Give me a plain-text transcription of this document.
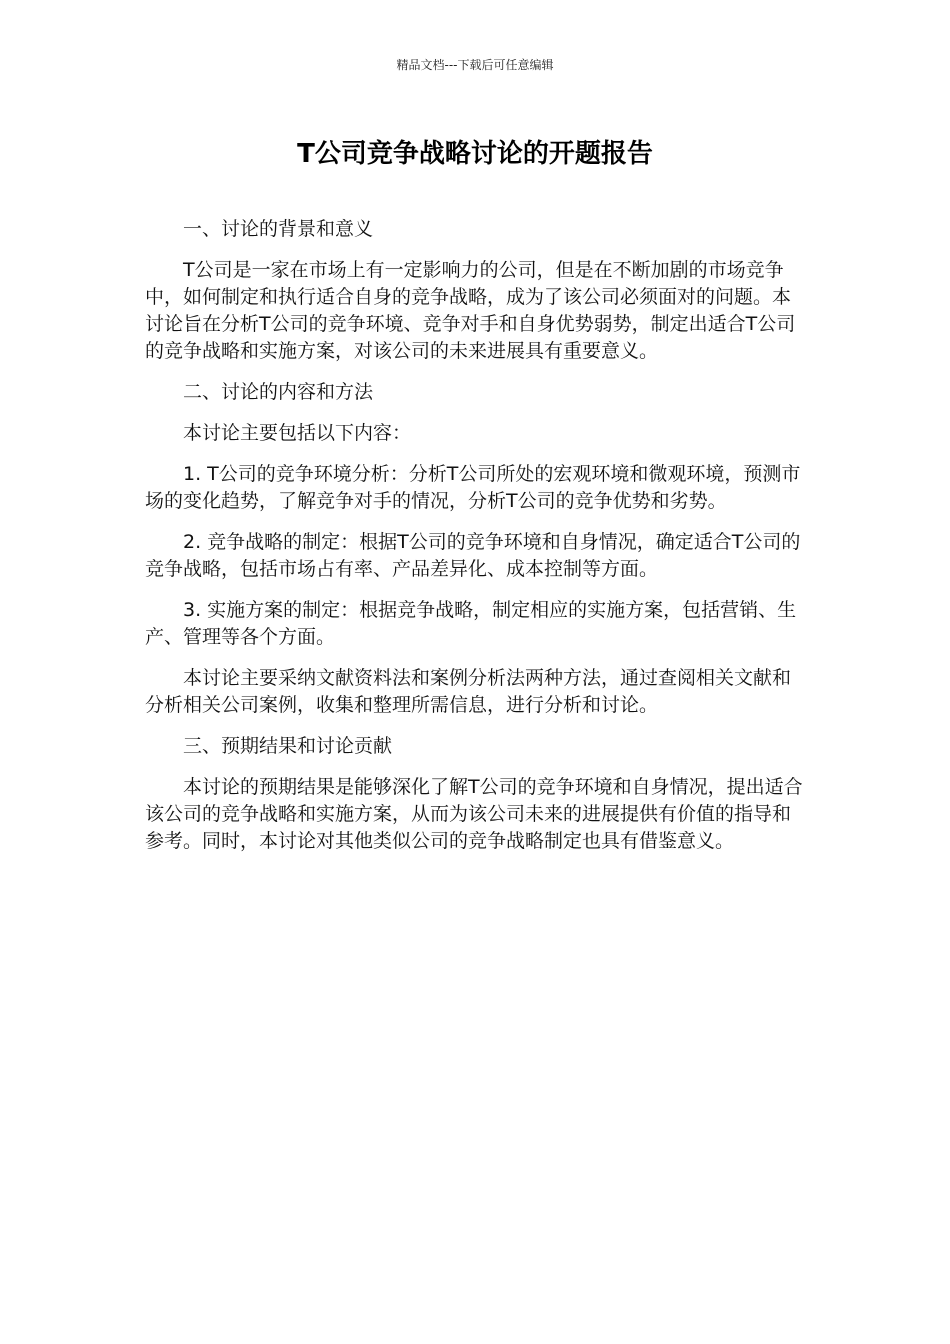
精品文档---下载后可任意编辑
T公司竞争战略讨论的开题报告

一、讨论的背景和意义

T公司是一家在市场上有一定影响力的公司，但是在不断加剧的市场竞争中，如何制定和执行适合自身的竞争战略，成为了该公司必须面对的问题。本讨论旨在分析T公司的竞争环境、竞争对手和自身优势弱势，制定出适合T公司的竞争战略和实施方案，对该公司的未来进展具有重要意义。

二、讨论的内容和方法

本讨论主要包括以下内容：

1. T公司的竞争环境分析：分析T公司所处的宏观环境和微观环境，预测市场的变化趋势，了解竞争对手的情况，分析T公司的竞争优势和劣势。

2. 竞争战略的制定：根据T公司的竞争环境和自身情况，确定适合T公司的竞争战略，包括市场占有率、产品差异化、成本控制等方面。

3. 实施方案的制定：根据竞争战略，制定相应的实施方案，包括营销、生产、管理等各个方面。

本讨论主要采纳文献资料法和案例分析法两种方法，通过查阅相关文献和分析相关公司案例，收集和整理所需信息，进行分析和讨论。

三、预期结果和讨论贡献

本讨论的预期结果是能够深化了解T公司的竞争环境和自身情况，提出适合该公司的竞争战略和实施方案，从而为该公司未来的进展提供有价值的指导和参考。同时，本讨论对其他类似公司的竞争战略制定也具有借鉴意义。
